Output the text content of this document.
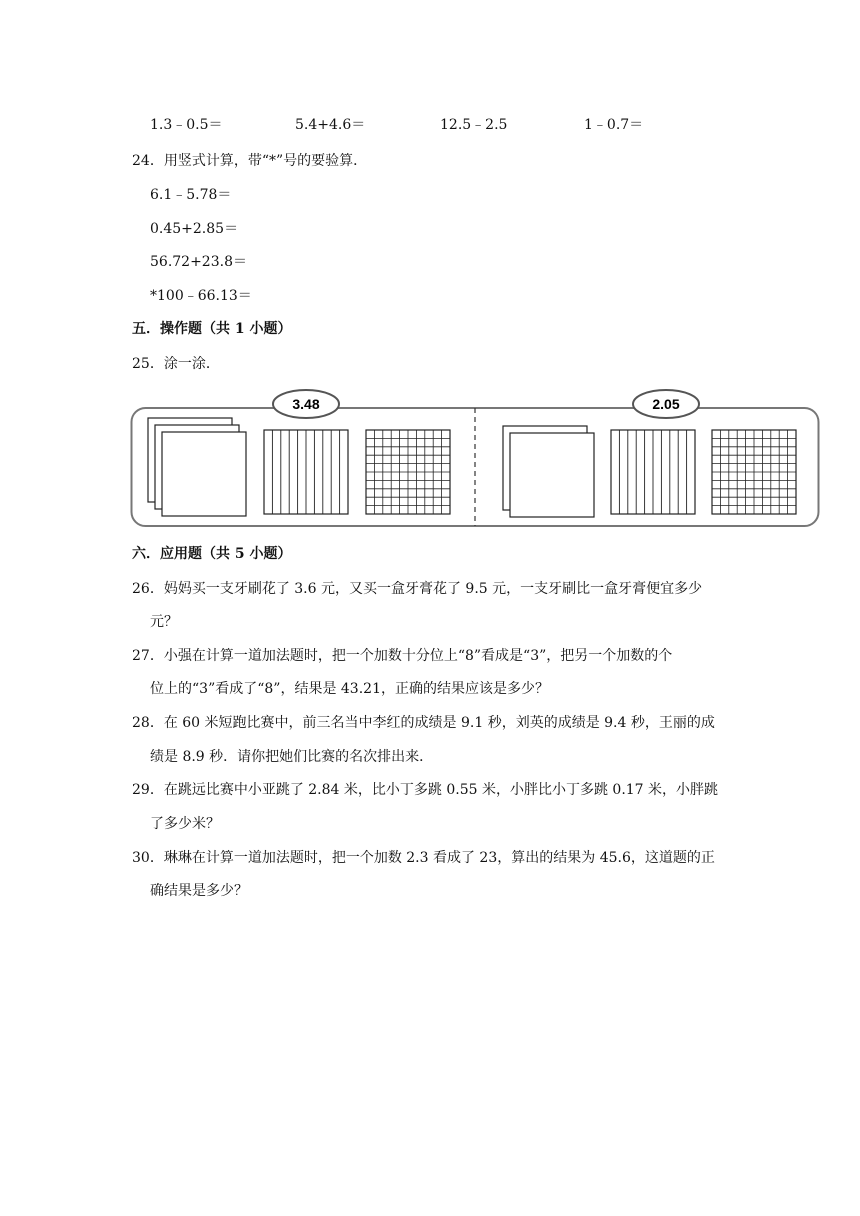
1.3﹣0.5＝	5.4+4.6＝	12.5﹣2.5	1﹣0.7＝
24．用竖式计算，带“*”号的要验算．
6.1﹣5.78＝
0.45+2.85＝
56.72+23.8＝
*100﹣66.13＝
五．操作题（共 1 小题）
25．涂一涂．
3.48	2.05
六．应用题（共 5 小题）
26．妈妈买一支牙刷花了 3.6 元，又买一盒牙膏花了 9.5 元，一支牙刷比一盒牙膏便宜多少
元？
27．小强在计算一道加法题时，把一个加数十分位上“8”看成是“3”，把另一个加数的个
位上的“3”看成了“8”，结果是 43.21，正确的结果应该是多少？
28．在 60 米短跑比赛中，前三名当中李红的成绩是 9.1 秒，刘英的成绩是 9.4 秒，王丽的成
绩是 8.9 秒．请你把她们比赛的名次排出来．
29．在跳远比赛中小亚跳了 2.84 米，比小丁多跳 0.55 米，小胖比小丁多跳 0.17 米，小胖跳
了多少米？
30．琳琳在计算一道加法题时，把一个加数 2.3 看成了 23，算出的结果为 45.6，这道题的正
确结果是多少？
